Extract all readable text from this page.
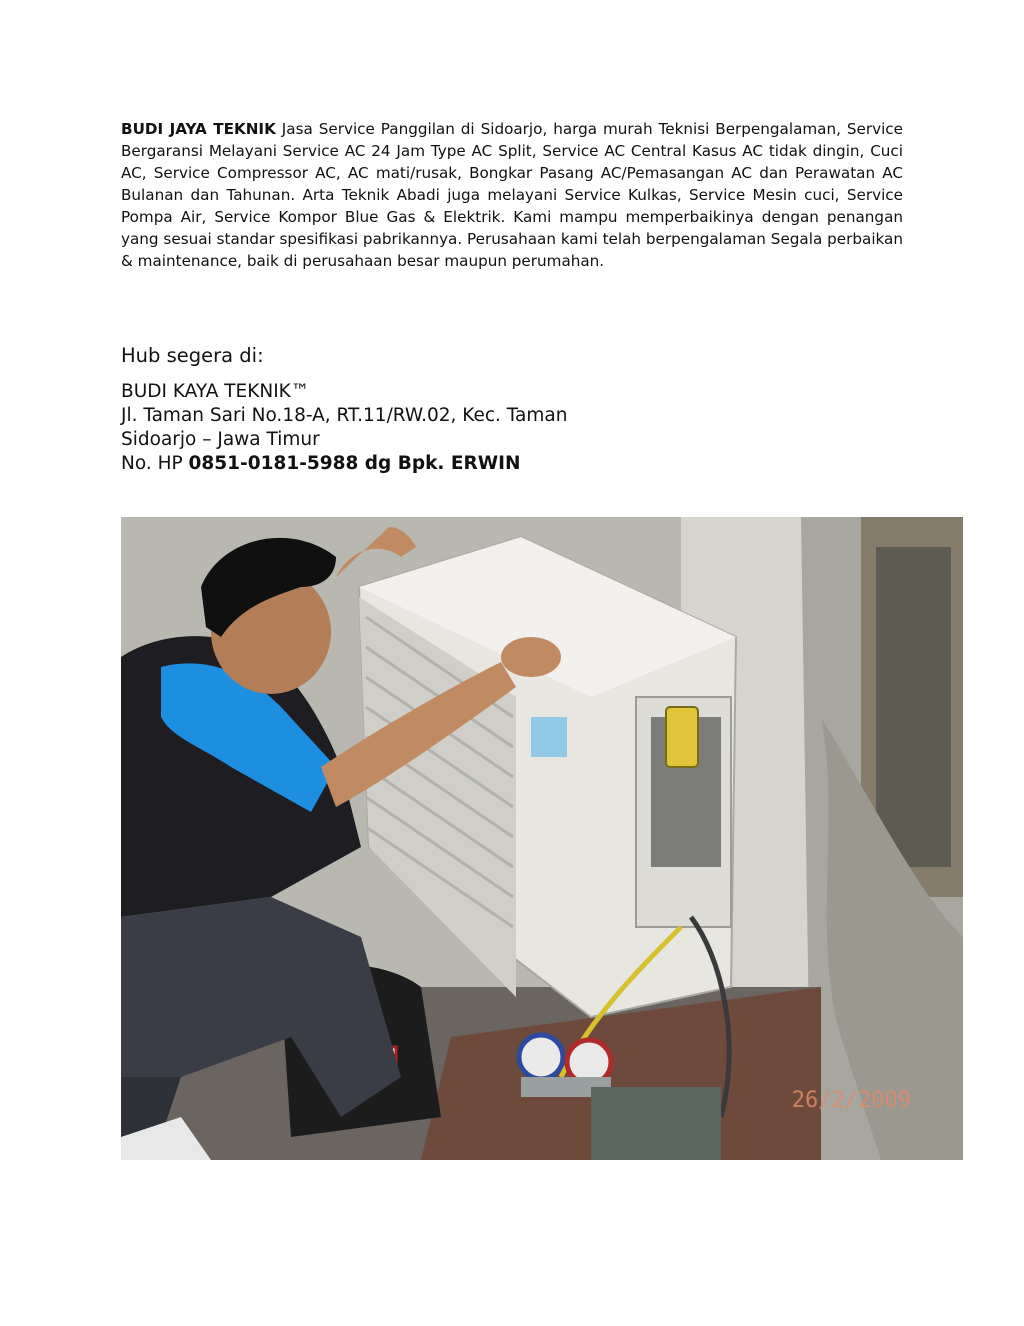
BUDI JAYA TEKNIK Jasa Service Panggilan di Sidoarjo, harga murah Teknisi Berpengalaman, Service Bergaransi Melayani Service AC 24 Jam Type AC Split, Service AC Central Kasus AC tidak dingin, Cuci AC, Service Compressor AC, AC mati/rusak, Bongkar Pasang AC/Pemasangan AC dan Perawatan AC Bulanan dan Tahunan. Arta Teknik Abadi juga melayani Service Kulkas, Service Mesin cuci, Service Pompa Air, Service Kompor Blue Gas & Elektrik. Kami mampu memperbaikinya dengan penangan yang sesuai standar spesifikasi pabrikannya. Perusahaan kami telah berpengalaman Segala perbaikan & maintenance, baik di perusahaan besar maupun perumahan.

Hub segera di:
BUDI KAYA TEKNIK™
Jl. Taman Sari No.18-A, RT.11/RW.02, Kec. Taman
Sidoarjo – Jawa Timur
No. HP 0851-0181-5988 dg Bpk. ERWIN
26/2/2009
